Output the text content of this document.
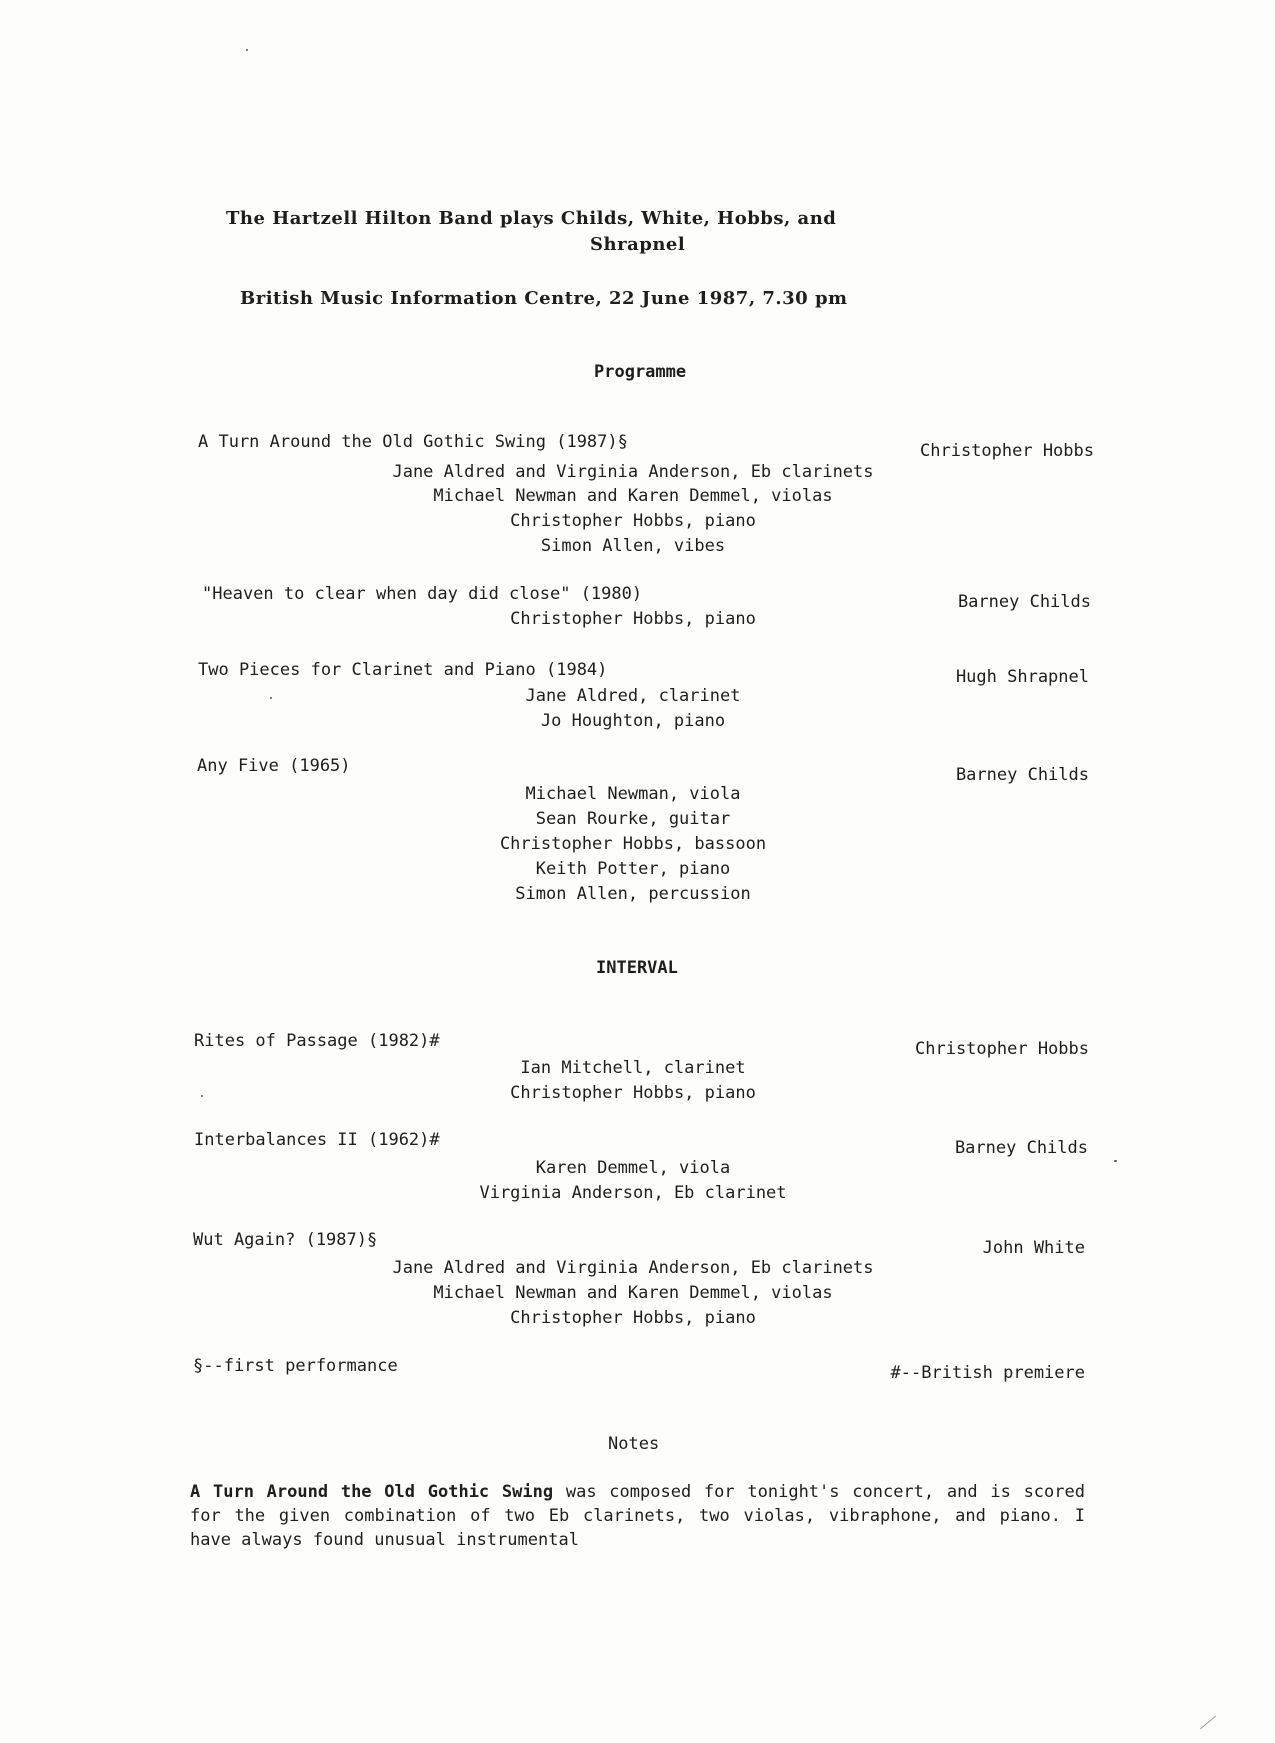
The Hartzell Hilton Band plays Childs, White, Hobbs, and
Shrapnel
British Music Information Centre, 22 June 1987, 7.30 pm
Programme
A Turn Around the Old Gothic Swing (1987)§	Christopher Hobbs
Jane Aldred and Virginia Anderson, Eb clarinets
Michael Newman and Karen Demmel, violas
Christopher Hobbs, piano
Simon Allen, vibes
"Heaven to clear when day did close" (1980)	Barney Childs
Christopher Hobbs, piano
Two Pieces for Clarinet and Piano (1984)	Hugh Shrapnel
Jane Aldred, clarinet
Jo Houghton, piano
Any Five (1965)	Barney Childs
Michael Newman, viola
Sean Rourke, guitar
Christopher Hobbs, bassoon
Keith Potter, piano
Simon Allen, percussion
INTERVAL
Rites of Passage (1982)#	Christopher Hobbs
Ian Mitchell, clarinet
Christopher Hobbs, piano
Interbalances II (1962)#	Barney Childs
Karen Demmel, viola
Virginia Anderson, Eb clarinet
Wut Again? (1987)§	John White
Jane Aldred and Virginia Anderson, Eb clarinets
Michael Newman and Karen Demmel, violas
Christopher Hobbs, piano
§--first performance	#--British premiere
Notes
A Turn Around the Old Gothic Swing was composed for tonight's concert, and is scored for the given combination of two Eb clarinets, two violas, vibraphone, and piano. I have always found unusual instrumental
